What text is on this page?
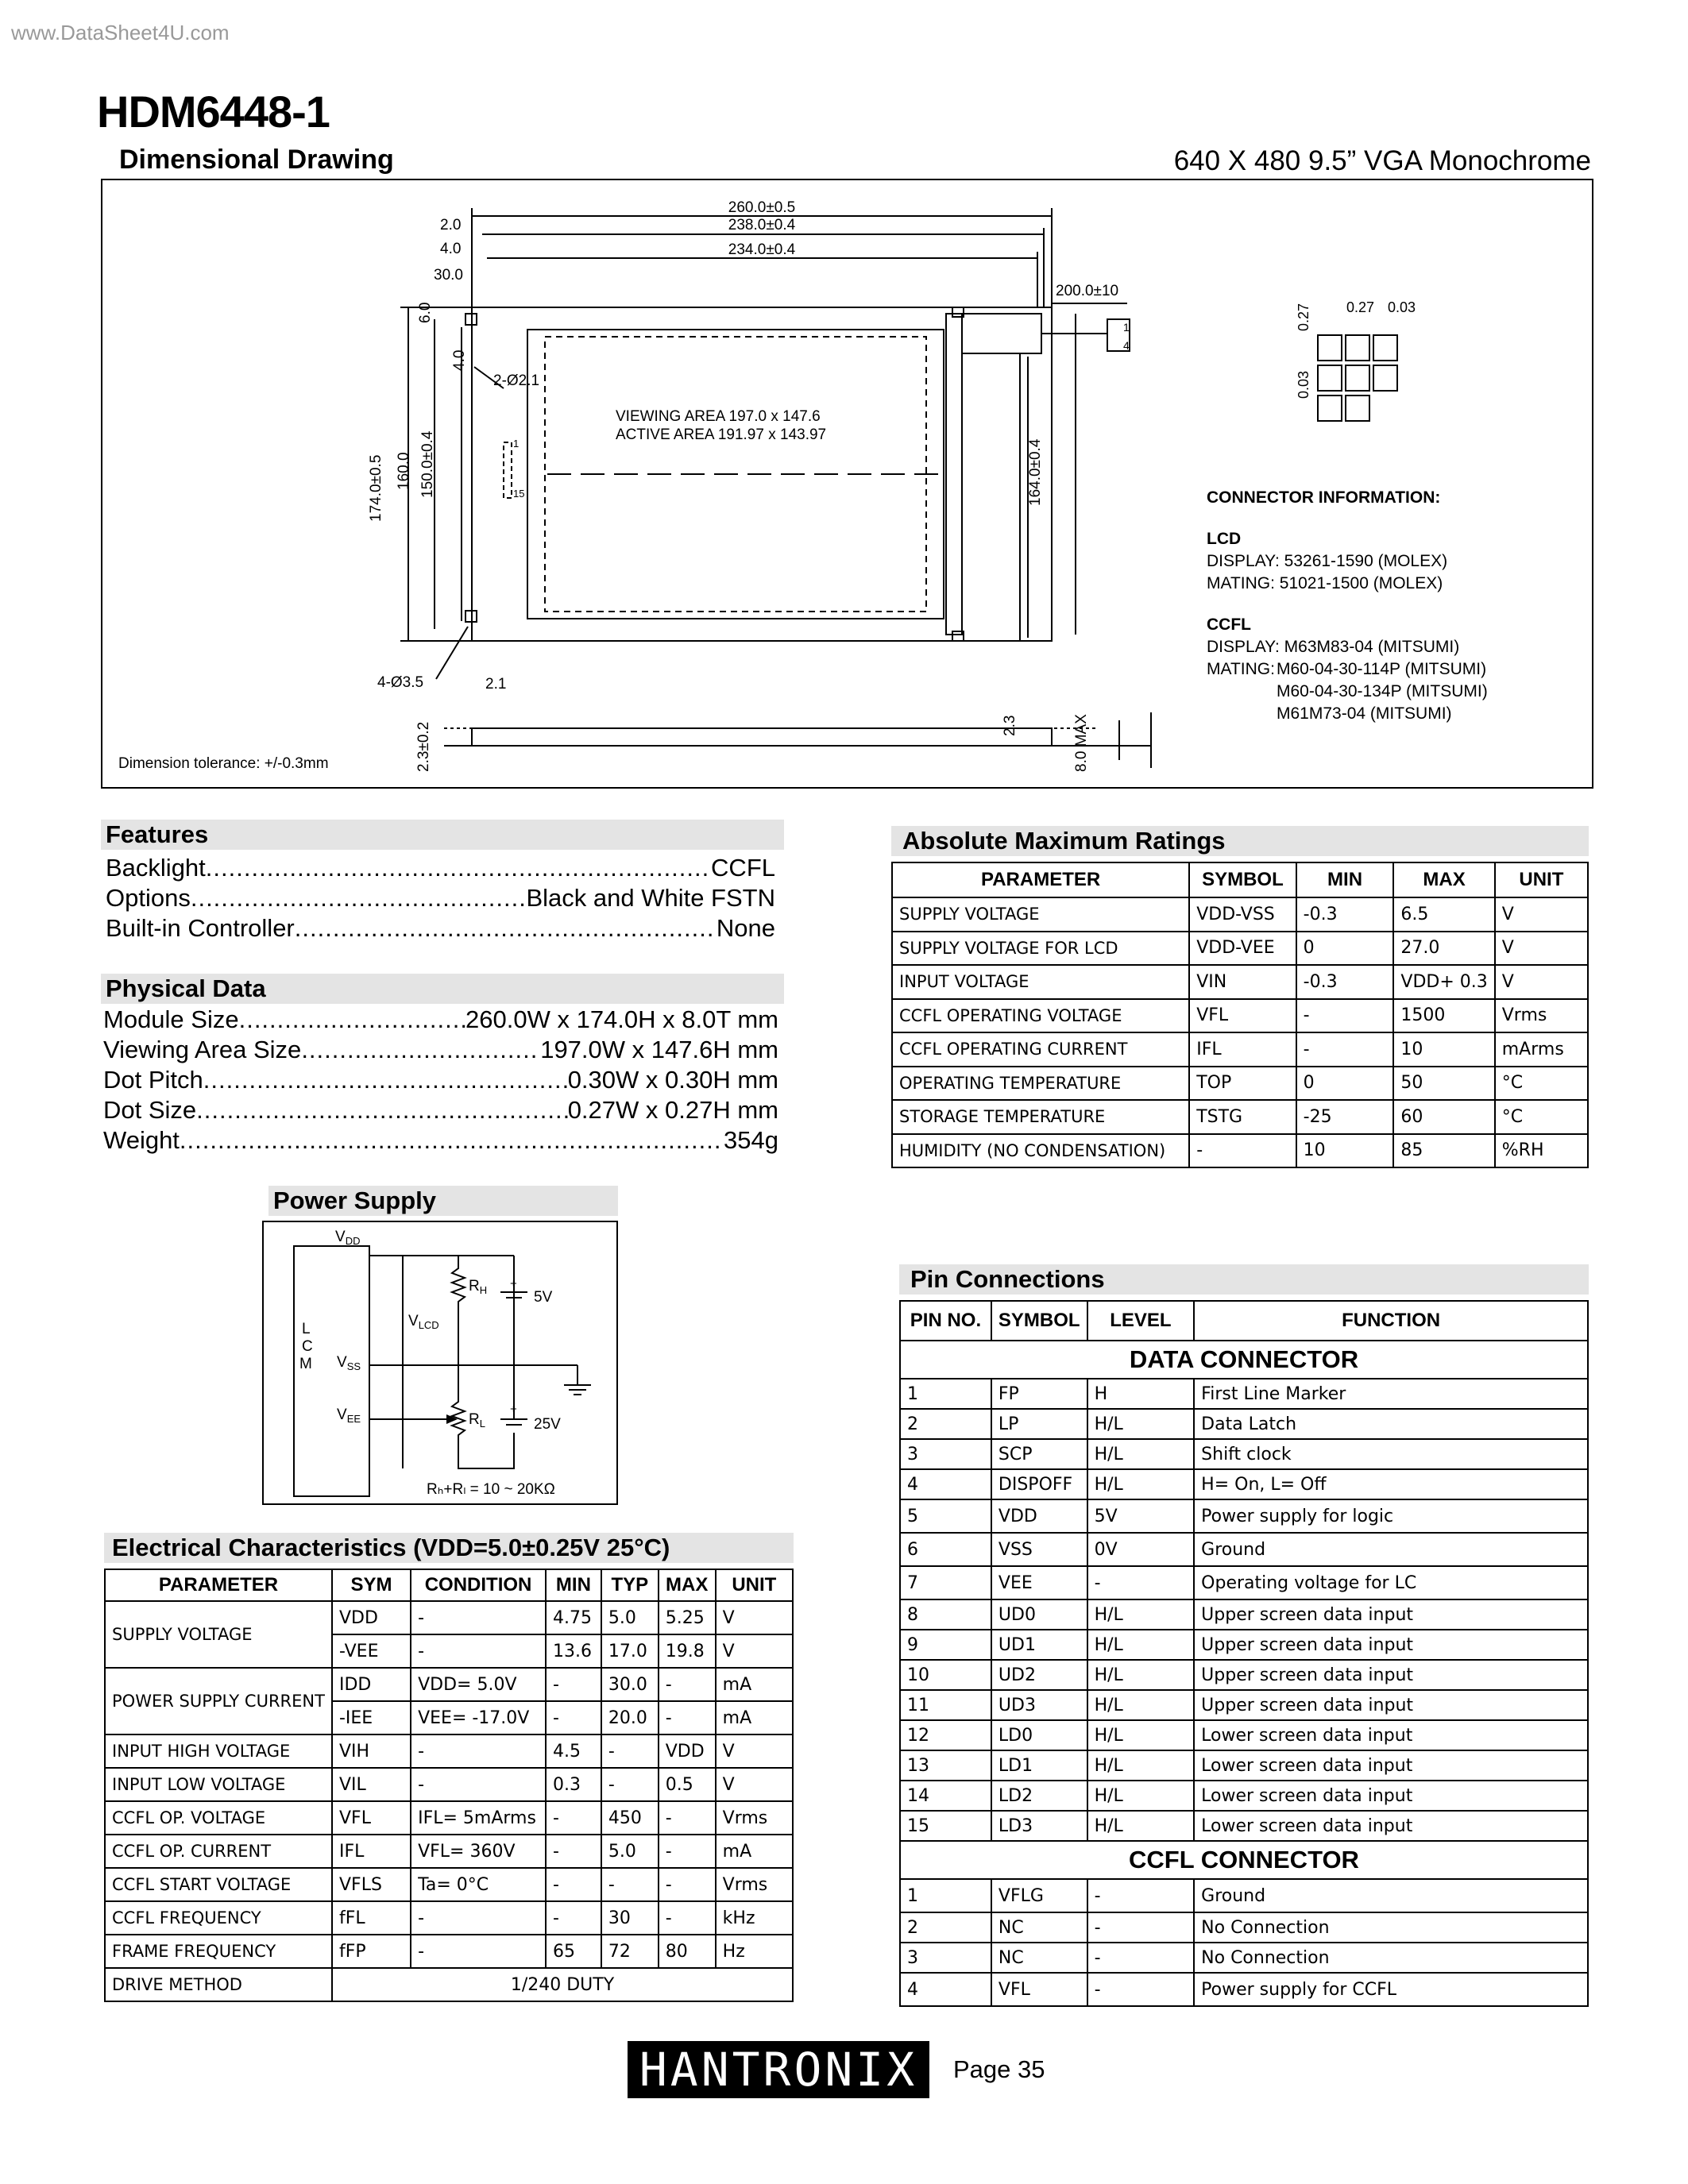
www.DataSheet4U.com
HDM6448-1
Dimensional Drawing	640 X 480 9.5” VGA Monochrome
260.0±0.5
238.0±0.4
234.0±0.4
2.0
4.0
30.0
200.0±10
1
4
174.0±0.5 160.0 150.0±0.4	164.0±0.4
6.0
4.0
2-Ø2.1
4-Ø3.5	2.1
VIEWING AREA 197.0 x 147.6
ACTIVE AREA 191.97 x 143.97
1
15
2.3±0.2	2.3	8.0 MAX
0.27 0.27 0.03
0.03
Dimension tolerance: +/-0.3mm
CONNECTOR INFORMATION:
LCD
DISPLAY: 53261-1590 (MOLEX)
MATING: 51021-1500 (MOLEX)
CCFL
DISPLAY: M63M83-04 (MITSUMI)
MATING: M60-04-30-114P (MITSUMI)
M60-04-30-134P (MITSUMI)
M61M73-04 (MITSUMI)
Features
Backlight .....	CCFL
Options .....	Black and White FSTN
Built-in Controller .....	None
Physical Data
Module Size .....	260.0W x 174.0H x 8.0T mm
Viewing Area Size .....	197.0W x 147.6H mm
Dot Pitch .....	0.30W x 0.30H mm
Dot Size .....	0.27W x 0.27H mm
Weight .....	354g
Power Supply
$V_{DD}$
L
C
M $V_{SS}$
$V_{EE}$
$V_{LCD}$
$R_H$
$R_L$
+
5V
+
25V
Rₕ+Rₗ = 10 ~ 20KΩ
Electrical Characteristics (VDD=5.0±0.25V 25°C)
PARAMETER	SYM	CONDITION	MIN	TYP	MAX	UNIT
SUPPLY VOLTAGE	VDD	-	4.75	5.0	5.25	V
	-VEE	-	13.6	17.0	19.8	V
POWER SUPPLY CURRENT	IDD	VDD= 5.0V	-	30.0	-	mA
	-IEE	VEE= -17.0V	-	20.0	-	mA
INPUT HIGH VOLTAGE	VIH	-	4.5	-	VDD	V
INPUT LOW VOLTAGE	VIL	-	0.3	-	0.5	V
CCFL OP. VOLTAGE	VFL	IFL= 5mArms	-	450	-	Vrms
CCFL OP. CURRENT	IFL	VFL= 360V	-	5.0	-	mA
CCFL START VOLTAGE	VFLS	Ta= 0°C	-	-	-	Vrms
CCFL FREQUENCY	fFL	-	-	30	-	kHz
FRAME FREQUENCY	fFP	-	65	72	80	Hz
DRIVE METHOD	1/240 DUTY					
Absolute Maximum Ratings
PARAMETER	SYMBOL	MIN	MAX	UNIT
SUPPLY VOLTAGE	VDD-VSS	-0.3	6.5	V
SUPPLY VOLTAGE FOR LCD	VDD-VEE	0	27.0	V
INPUT VOLTAGE	VIN	-0.3	VDD+ 0.3	V
CCFL OPERATING VOLTAGE	VFL	-	1500	Vrms
CCFL OPERATING CURRENT	IFL	-	10	mArms
OPERATING TEMPERATURE	TOP	0	50	°C
STORAGE TEMPERATURE	TSTG	-25	60	°C
HUMIDITY (NO CONDENSATION)	-	10	85	%RH
Pin Connections
PIN NO.	SYMBOL	LEVEL	FUNCTION
DATA CONNECTOR			
1	FP	H	First Line Marker
2	LP	H/L	Data Latch
3	SCP	H/L	Shift clock
4	DISPOFF	H/L	H= On, L= Off
5	VDD	5V	Power supply for logic
6	VSS	0V	Ground
7	VEE	-	Operating voltage for LC
8	UD0	H/L	Upper screen data input
9	UD1	H/L	Upper screen data input
10	UD2	H/L	Upper screen data input
11	UD3	H/L	Upper screen data input
12	LD0	H/L	Lower screen data input
13	LD1	H/L	Lower screen data input
14	LD2	H/L	Lower screen data input
15	LD3	H/L	Lower screen data input
CCFL CONNECTOR			
1	VFLG	-	Ground
2	NC	-	No Connection
3	NC	-	No Connection
4	VFL	-	Power supply for CCFL
HANTRONIX	Page 35
